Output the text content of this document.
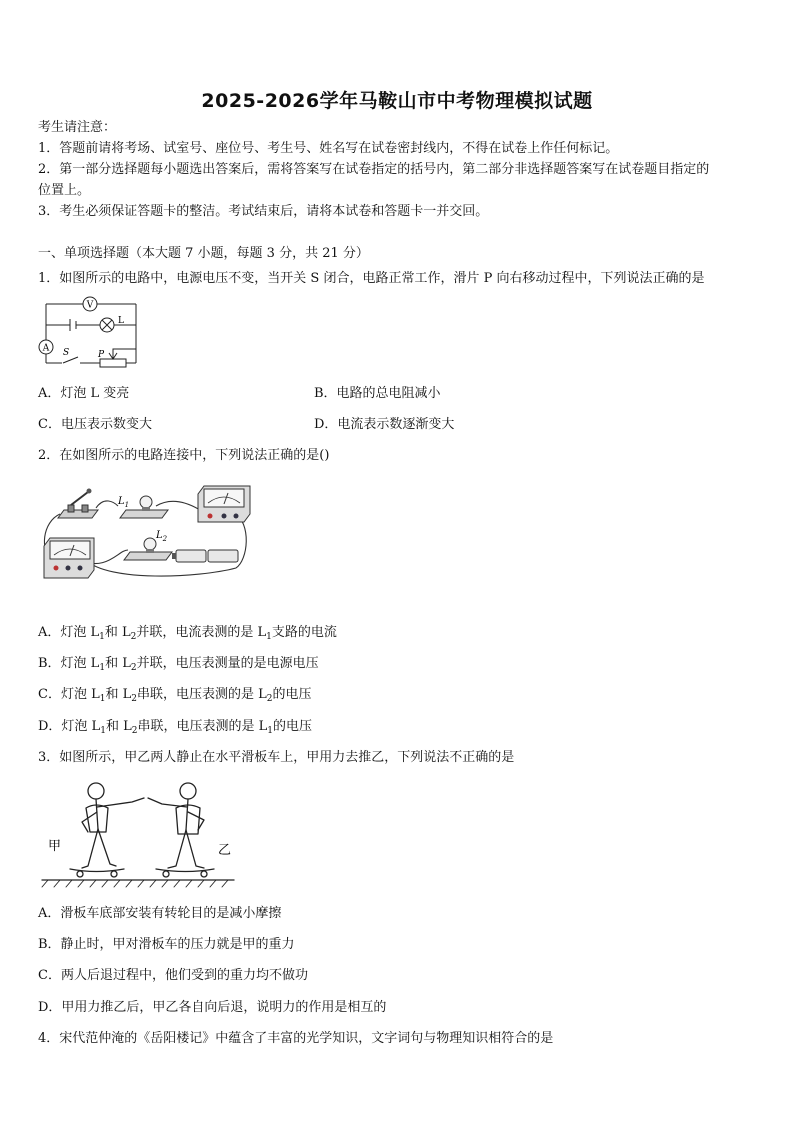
2025-2026学年马鞍山市中考物理模拟试题
考生请注意：
1．答题前请将考场、试室号、座位号、考生号、姓名写在试卷密封线内，不得在试卷上作任何标记。
2．第一部分选择题每小题选出答案后，需将答案写在试卷指定的括号内，第二部分非选择题答案写在试卷题目指定的
位置上。
3．考生必须保证答题卡的整洁。考试结束后，请将本试卷和答题卡一并交回。
一、单项选择题（本大题 7 小题，每题 3 分，共 21 分）
1．如图所示的电路中，电源电压不变，当开关 S 闭合，电路正常工作，滑片 P 向右移动过程中，下列说法正确的是
V
L
A S	P
A．灯泡 L 变亮	B．电路的总电阻减小
C．电压表示数变大	D．电流表示数逐渐变大
2．在如图所示的电路连接中，下列说法正确的是()
$L_1$
$L_2$
A．灯泡 $L_1$和 $L_2$并联，电流表测的是 $L_1$支路的电流
B．灯泡 $L_1$和 $L_2$并联，电压表测量的是电源电压
C．灯泡 $L_1$和 $L_2$串联，电压表测的是 $L_2$的电压
D．灯泡 $L_1$和 $L_2$串联，电压表测的是 $L_1$的电压
3．如图所示，甲乙两人静止在水平滑板车上，甲用力去推乙，下列说法不正确的是
甲	乙
A．滑板车底部安装有转轮目的是减小摩擦
B．静止时，甲对滑板车的压力就是甲的重力
C．两人后退过程中，他们受到的重力均不做功
D．甲用力推乙后，甲乙各自向后退，说明力的作用是相互的
4．宋代范仲淹的《岳阳楼记》中蕴含了丰富的光学知识，文字词句与物理知识相符合的是
